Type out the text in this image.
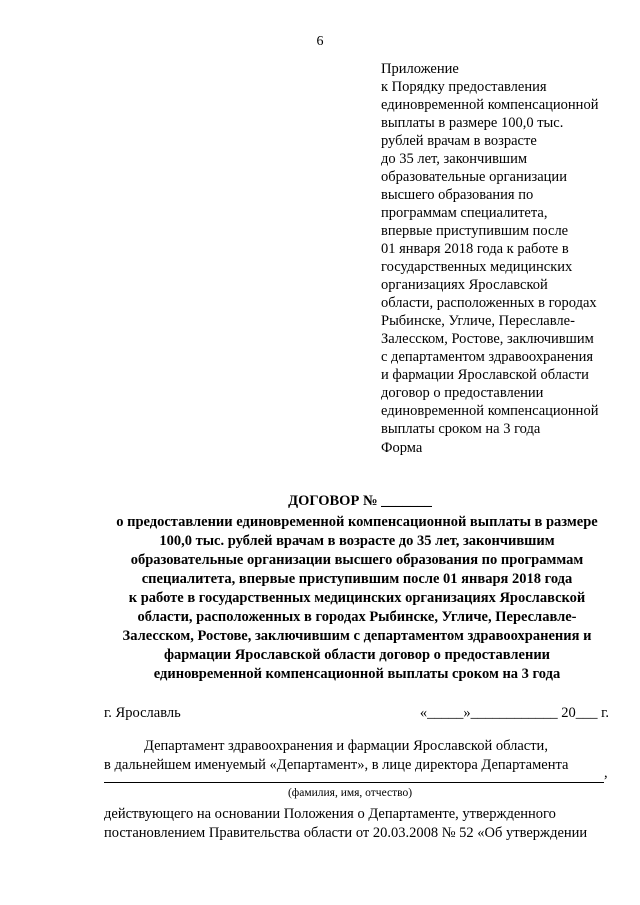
6
Приложение
к Порядку предоставления
единовременной компенсационной
выплаты в размере 100,0 тыс.
рублей врачам в возрасте
до 35 лет, закончившим
образовательные организации
высшего образования по
программам специалитета,
впервые приступившим после
01 января 2018 года к работе в
государственных медицинских
организациях Ярославской
области, расположенных в городах
Рыбинске, Угличе, Переславле-
Залесском, Ростове, заключившим
с департаментом здравоохранения
и фармации Ярославской области
договор о предоставлении
единовременной компенсационной
выплаты сроком на 3 года
Форма
ДОГОВОР № _______
о предоставлении единовременной компенсационной выплаты в размере
100,0 тыс. рублей врачам в возрасте до 35 лет, закончившим
образовательные организации высшего образования по программам
специалитета, впервые приступившим после 01 января 2018 года
к работе в государственных медицинских организациях Ярославской
области, расположенных в городах Рыбинске, Угличе, Переславле-
Залесском, Ростове, заключившим с департаментом здравоохранения и
фармации Ярославской области договор о предоставлении
единовременной компенсационной выплаты сроком на 3 года
г. Ярославль	«_____»____________ 20___ г.
Департамент здравоохранения и фармации Ярославской области,
в дальнейшем именуемый «Департамент», в лице директора Департамента	,
(фамилия, имя, отчество)
действующего на основании Положения о Департаменте, утвержденного
постановлением Правительства области от 20.03.2008 № 52 «Об утверждении
